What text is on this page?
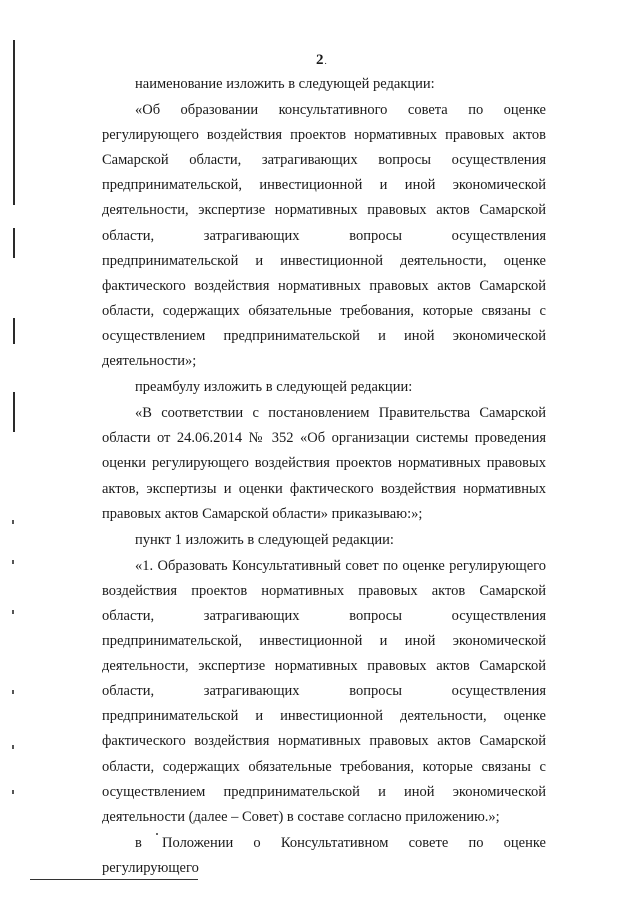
2.

наименование изложить в следующей редакции:

«Об образовании консультативного совета по оценке регулирующего воздействия проектов нормативных правовых актов Самарской области, затрагивающих вопросы осуществления предпринимательской, инвестиционной и иной экономической деятельности, экспертизе нормативных правовых актов Самарской области, затрагивающих вопросы осуществления предпринимательской и инвестиционной деятельности, оценке фактического воздействия нормативных правовых актов Самарской области, содержащих обязательные требования, которые связаны с осуществлением предпринимательской и иной экономической деятельности»;

преамбулу изложить в следующей редакции:

«В соответствии с постановлением Правительства Самарской области от 24.06.2014 № 352 «Об организации системы проведения оценки регулирующего воздействия проектов нормативных правовых актов, экспертизы и оценки фактического воздействия нормативных правовых актов Самарской области» приказываю:»;

пункт 1 изложить в следующей редакции:

«1. Образовать Консультативный совет по оценке регулирующего воздействия проектов нормативных правовых актов Самарской области, затрагивающих вопросы осуществления предпринимательской, инвестиционной и иной экономической деятельности, экспертизе нормативных правовых актов Самарской области, затрагивающих вопросы осуществления предпринимательской и инвестиционной деятельности, оценке фактического воздействия нормативных правовых актов Самарской области, содержащих обязательные требования, которые связаны с осуществлением предпринимательской и иной экономической деятельности (далее – Совет) в составе согласно приложению.»;

в Положении о Консультативном совете по оценке регулирующего
